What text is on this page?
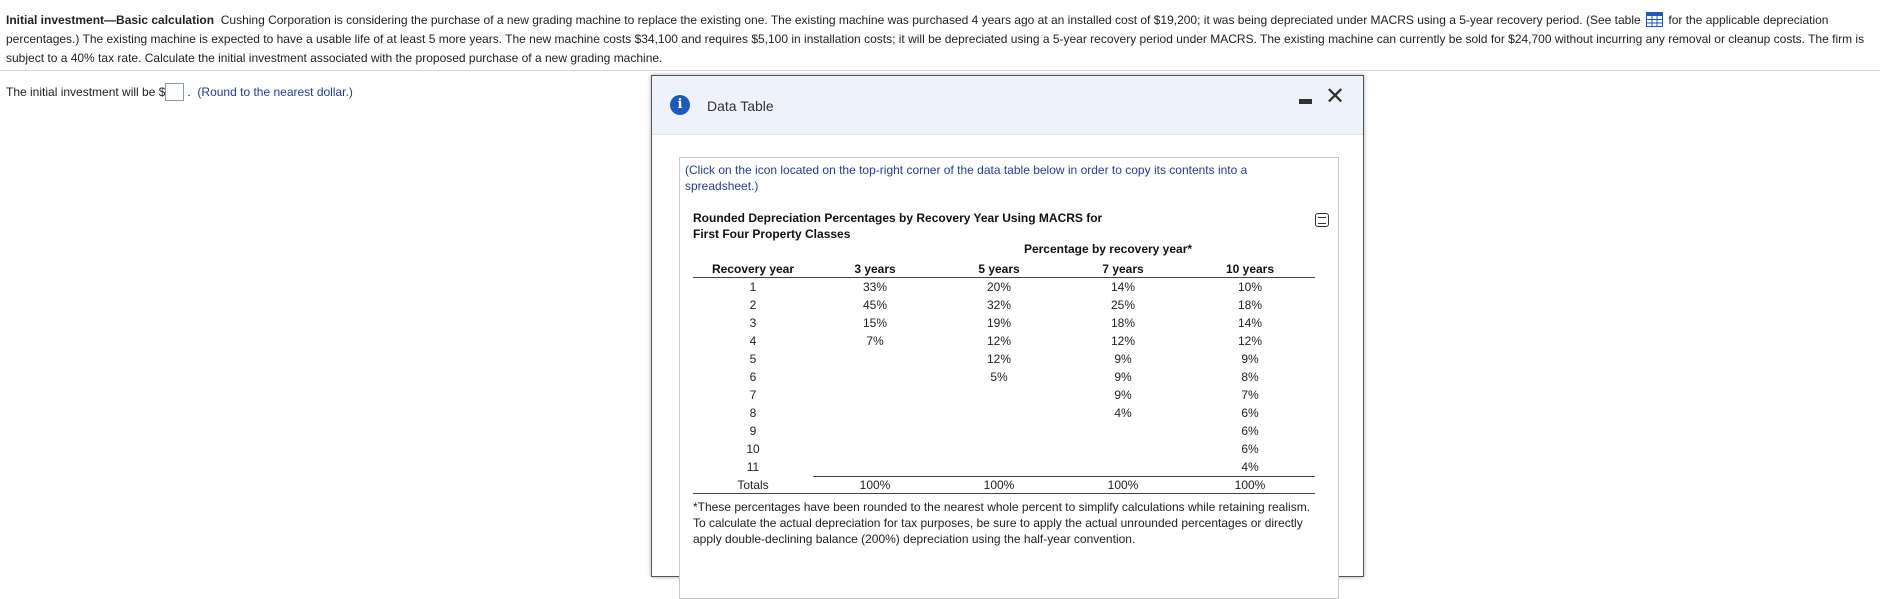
Initial investment—Basic calculation Cushing Corporation is considering the purchase of a new grading machine to replace the existing one. The existing machine was purchased 4 years ago at an installed cost of $19,200; it was being depreciated under MACRS using a 5-year recovery period. (See table for the applicable depreciation percentages.) The existing machine is expected to have a usable life of at least 5 more years. The new machine costs $34,100 and requires $5,100 in installation costs; it will be depreciated using a 5-year recovery period under MACRS. The existing machine can currently be sold for $24,700 without incurring any removal or cleanup costs. The firm is subject to a 40% tax rate. Calculate the initial investment associated with the proposed purchase of a new grading machine.
The initial investment will be $ . (Round to the nearest dollar.)
i	Data Table	✕
(Click on the icon located on the top-right corner of the data table below in order to copy its contents into a spreadsheet.)
Rounded Depreciation Percentages by Recovery Year Using MACRS for
First Four Property Classes
Percentage by recovery year*
Recovery year	3 years	5 years	7 years	10 years
1	33%	20%	14%	10%
2	45%	32%	25%	18%
3	15%	19%	18%	14%
4	7%	12%	12%	12%
5		12%	9%	9%
6		5%	9%	8%
7			9%	7%
8			4%	6%
9				6%
10				6%
11				4%
Totals	100%	100%	100%	100%
*These percentages have been rounded to the nearest whole percent to simplify calculations while retaining realism. To calculate the actual depreciation for tax purposes, be sure to apply the actual unrounded percentages or directly apply double-declining balance (200%) depreciation using the half-year convention.
